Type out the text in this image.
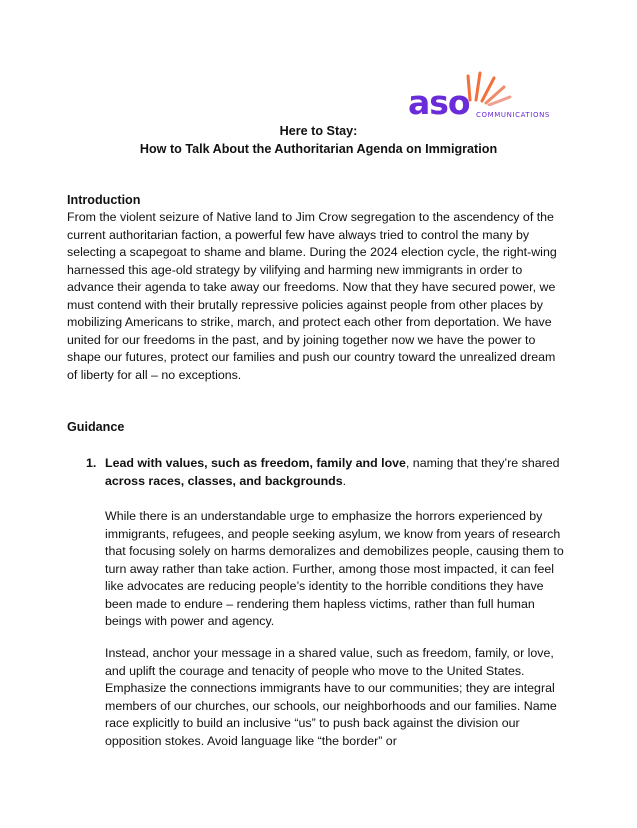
aso COMMUNICATIONS
Here to Stay:
How to Talk About the Authoritarian Agenda on Immigration
Introduction
From the violent seizure of Native land to Jim Crow segregation to the ascendency of the current authoritarian faction, a powerful few have always tried to control the many by selecting a scapegoat to shame and blame. During the 2024 election cycle, the right-wing harnessed this age-old strategy by vilifying and harming new immigrants in order to advance their agenda to take away our freedoms. Now that they have secured power, we must contend with their brutally repressive policies against people from other places by mobilizing Americans to strike, march, and protect each other from deportation. We have united for our freedoms in the past, and by joining together now we have the power to shape our futures, protect our families and push our country toward the unrealized dream of liberty for all – no exceptions.
Guidance
1. Lead with values, such as freedom, family and love, naming that they’re shared across races, classes, and backgrounds.
While there is an understandable urge to emphasize the horrors experienced by immigrants, refugees, and people seeking asylum, we know from years of research that focusing solely on harms demoralizes and demobilizes people, causing them to turn away rather than take action. Further, among those most impacted, it can feel like advocates are reducing people’s identity to the horrible conditions they have been made to endure – rendering them hapless victims, rather than full human beings with power and agency.
Instead, anchor your message in a shared value, such as freedom, family, or love, and uplift the courage and tenacity of people who move to the United States. Emphasize the connections immigrants have to our communities; they are integral members of our churches, our schools, our neighborhoods and our families. Name race explicitly to build an inclusive “us” to push back against the division our opposition stokes. Avoid language like “the border” or
